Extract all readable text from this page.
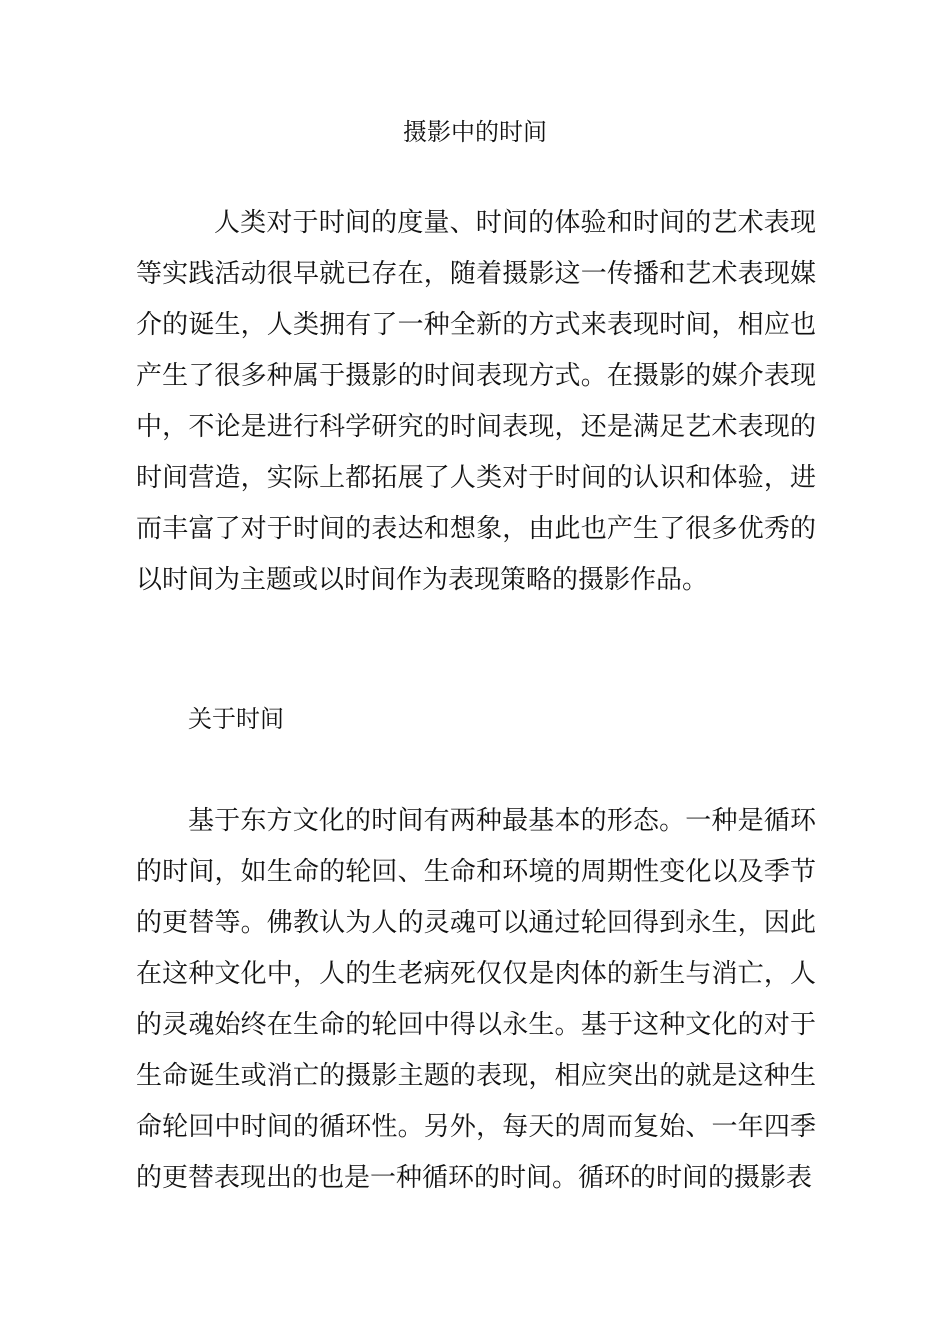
摄影中的时间

人类对于时间的度量、时间的体验和时间的艺术表现等实践活动很早就已存在，随着摄影这一传播和艺术表现媒介的诞生，人类拥有了一种全新的方式来表现时间，相应也产生了很多种属于摄影的时间表现方式。在摄影的媒介表现中，不论是进行科学研究的时间表现，还是满足艺术表现的时间营造，实际上都拓展了人类对于时间的认识和体验，进而丰富了对于时间的表达和想象，由此也产生了很多优秀的以时间为主题或以时间作为表现策略的摄影作品。

关于时间

基于东方文化的时间有两种最基本的形态。一种是循环的时间，如生命的轮回、生命和环境的周期性变化以及季节的更替等。佛教认为人的灵魂可以通过轮回得到永生，因此在这种文化中，人的生老病死仅仅是肉体的新生与消亡，人的灵魂始终在生命的轮回中得以永生。基于这种文化的对于生命诞生或消亡的摄影主题的表现，相应突出的就是这种生命轮回中时间的循环性。另外，每天的周而复始、一年四季的更替表现出的也是一种循环的时间。循环的时间的摄影表
